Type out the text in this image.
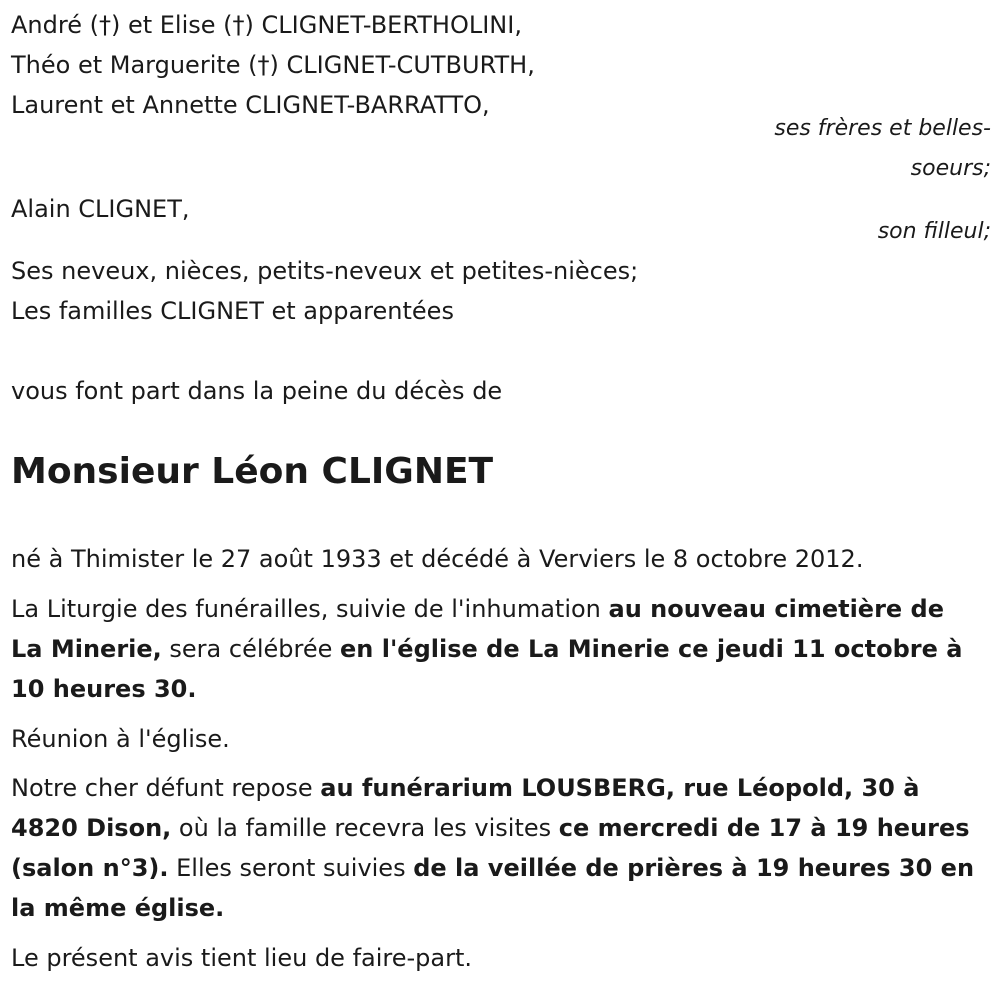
André (†) et Elise (†) CLIGNET-BERTHOLINI,
Théo et Marguerite (†) CLIGNET-CUTBURTH,
Laurent et Annette CLIGNET-BARRATTO,
ses frères et belles-
soeurs;
Alain CLIGNET,
son filleul;
Ses neveux, nièces, petits-neveux et petites-nièces;
Les familles CLIGNET et apparentées
vous font part dans la peine du décès de
Monsieur Léon CLIGNET
né à Thimister le 27 août 1933 et décédé à Verviers le 8 octobre 2012.
La Liturgie des funérailles, suivie de l'inhumation au nouveau cimetière de La Minerie, sera célébrée en l'église de La Minerie ce jeudi 11 octobre à 10 heures 30.
Réunion à l'église.
Notre cher défunt repose au funérarium LOUSBERG, rue Léopold, 30 à 4820 Dison, où la famille recevra les visites ce mercredi de 17 à 19 heures (salon n°3). Elles seront suivies de la veillée de prières à 19 heures 30 en la même église.
Le présent avis tient lieu de faire-part.
